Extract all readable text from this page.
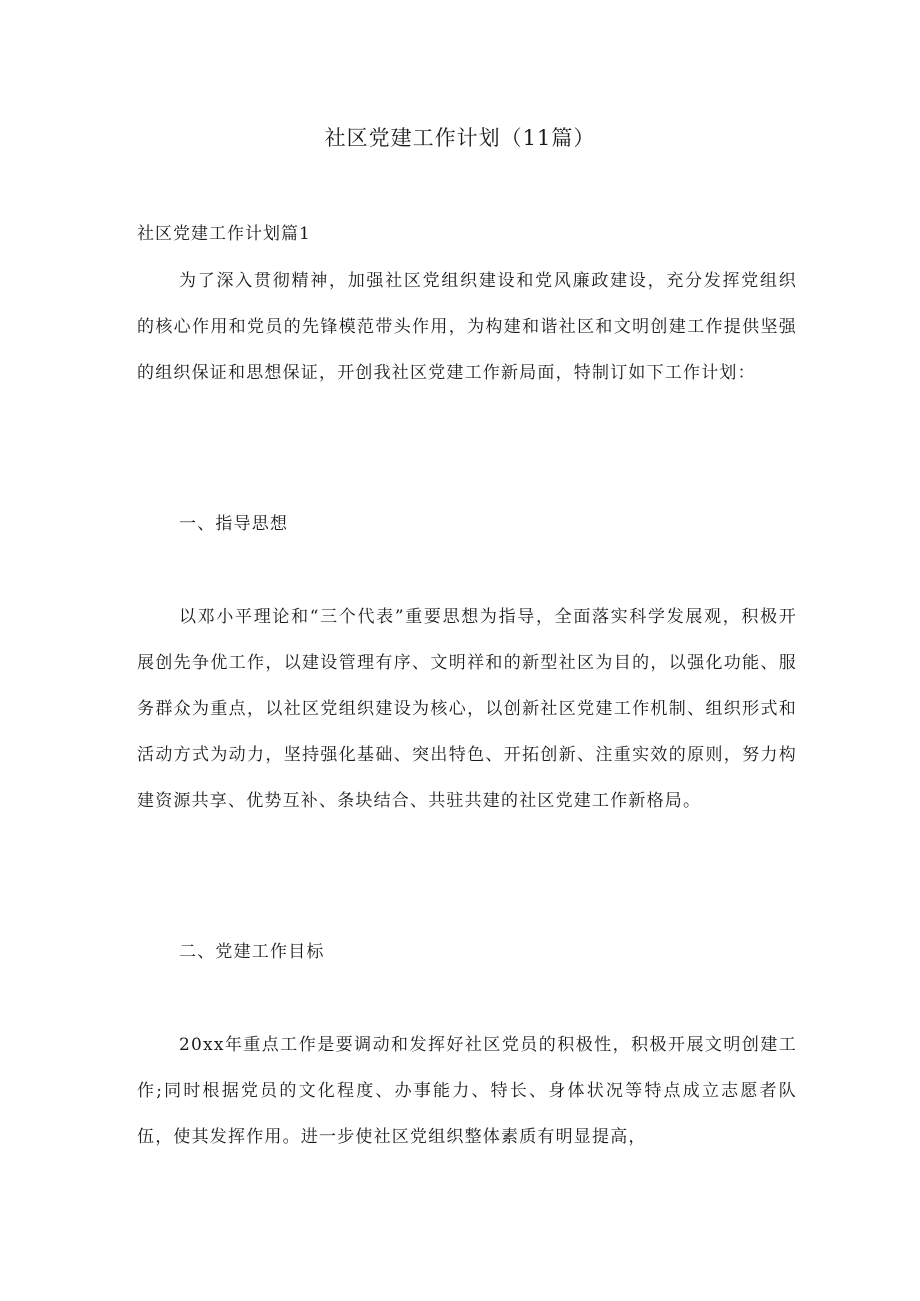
社区党建工作计划（11篇）
社区党建工作计划篇1

为了深入贯彻精神，加强社区党组织建设和党风廉政建设，充分发挥党组织的核心作用和党员的先锋模范带头作用，为构建和谐社区和文明创建工作提供坚强的组织保证和思想保证，开创我社区党建工作新局面，特制订如下工作计划：

一、指导思想

以邓小平理论和“三个代表”重要思想为指导，全面落实科学发展观，积极开展创先争优工作，以建设管理有序、文明祥和的新型社区为目的，以强化功能、服务群众为重点，以社区党组织建设为核心，以创新社区党建工作机制、组织形式和活动方式为动力，坚持强化基础、突出特色、开拓创新、注重实效的原则，努力构建资源共享、优势互补、条块结合、共驻共建的社区党建工作新格局。

二、党建工作目标

20xx年重点工作是要调动和发挥好社区党员的积极性，积极开展文明创建工作;同时根据党员的文化程度、办事能力、特长、身体状况等特点成立志愿者队伍，使其发挥作用。进一步使社区党组织整体素质有明显提高，
